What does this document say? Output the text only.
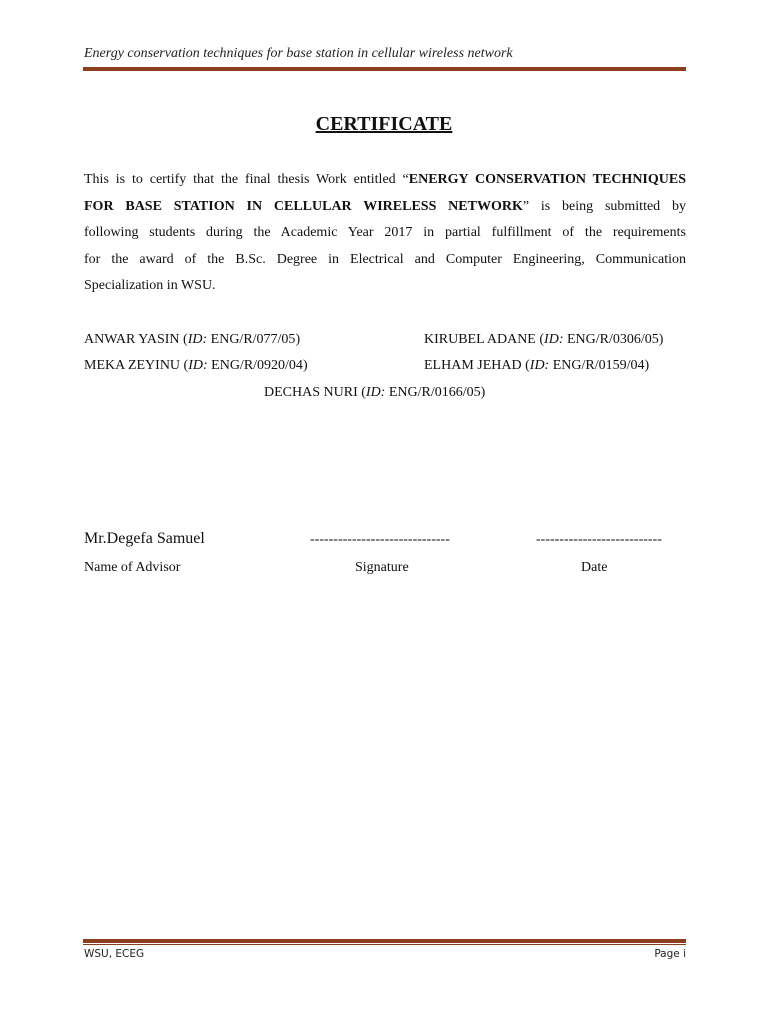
Energy conservation techniques for base station in cellular wireless network
CERTIFICATE
This is to certify that the final thesis Work entitled “ENERGY CONSERVATION TECHNIQUES
FOR BASE STATION IN CELLULAR WIRELESS NETWORK” is being submitted by
following students during the Academic Year 2017 in partial fulfillment of the requirements
for the award of the B.Sc. Degree in Electrical and Computer Engineering, Communication
Specialization in WSU.
ANWAR YASIN (ID: ENG/R/077/05)	KIRUBEL ADANE (ID: ENG/R/0306/05)
MEKA ZEYINU (ID: ENG/R/0920/04)	ELHAM JEHAD (ID: ENG/R/0159/04)
DECHAS NURI (ID: ENG/R/0166/05)
Mr.Degefa Samuel	------------------------------	---------------------------
Name of Advisor	Signature	Date
WSU, ECEG	Page i
